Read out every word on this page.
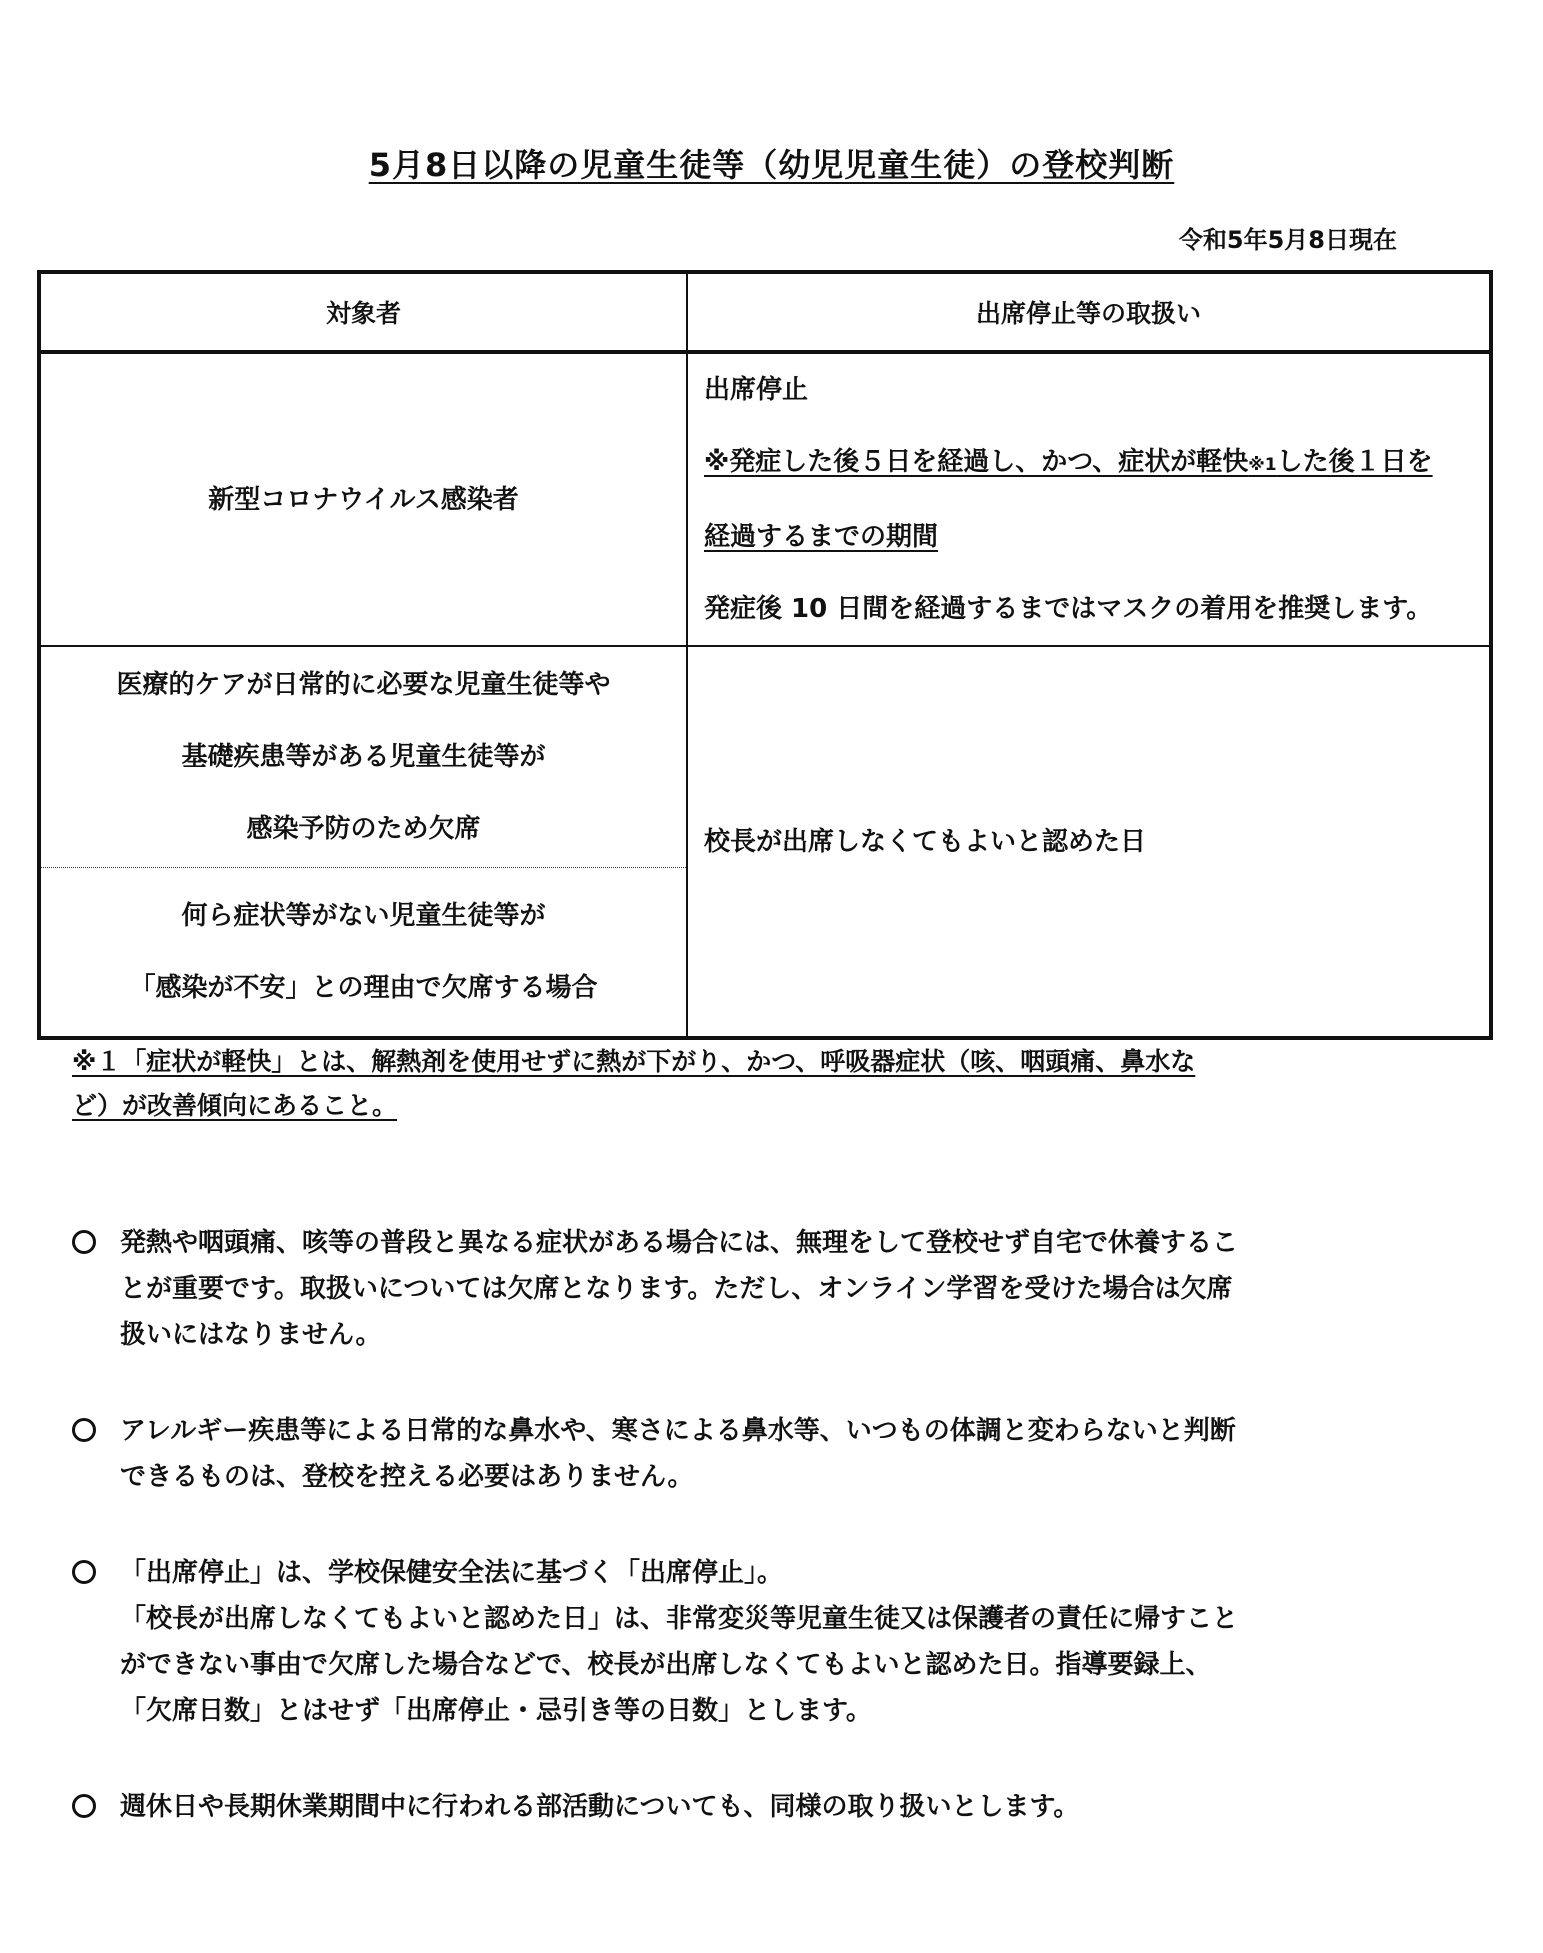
5月8日以降の児童生徒等（幼児児童生徒）の登校判断
令和5年5月8日現在
対象者	出席停止等の取扱い
新型コロナウイルス感染者	出席停止
※発症した後５日を経過し、かつ、症状が軽快※1した後１日を
経過するまでの期間
発症後 10 日間を経過するまではマスクの着用を推奨します。

医療的ケアが日常的に必要な児童生徒等や
基礎疾患等がある児童生徒等が
感染予防のため欠席	校長が出席しなくてもよいと認めた日

何ら症状等がない児童生徒等が
「感染が不安」との理由で欠席する場合	
※１「症状が軽快」とは、解熱剤を使用せずに熱が下がり、かつ、呼吸器症状（咳、咽頭痛、鼻水な
ど）が改善傾向にあること。

発熱や咽頭痛、咳等の普段と異なる症状がある場合には、無理をして登校せず自宅で休養するこ

とが重要です。取扱いについては欠席となります。ただし、オンライン学習を受けた場合は欠席

扱いにはなりません。

アレルギー疾患等による日常的な鼻水や、寒さによる鼻水等、いつもの体調と変わらないと判断

できるものは、登校を控える必要はありません。

「出席停止」は、学校保健安全法に基づく「出席停止」。

「校長が出席しなくてもよいと認めた日」は、非常変災等児童生徒又は保護者の責任に帰すこと

ができない事由で欠席した場合などで、校長が出席しなくてもよいと認めた日。指導要録上、

「欠席日数」とはせず「出席停止・忌引き等の日数」とします。

週休日や長期休業期間中に行われる部活動についても、同様の取り扱いとします。
